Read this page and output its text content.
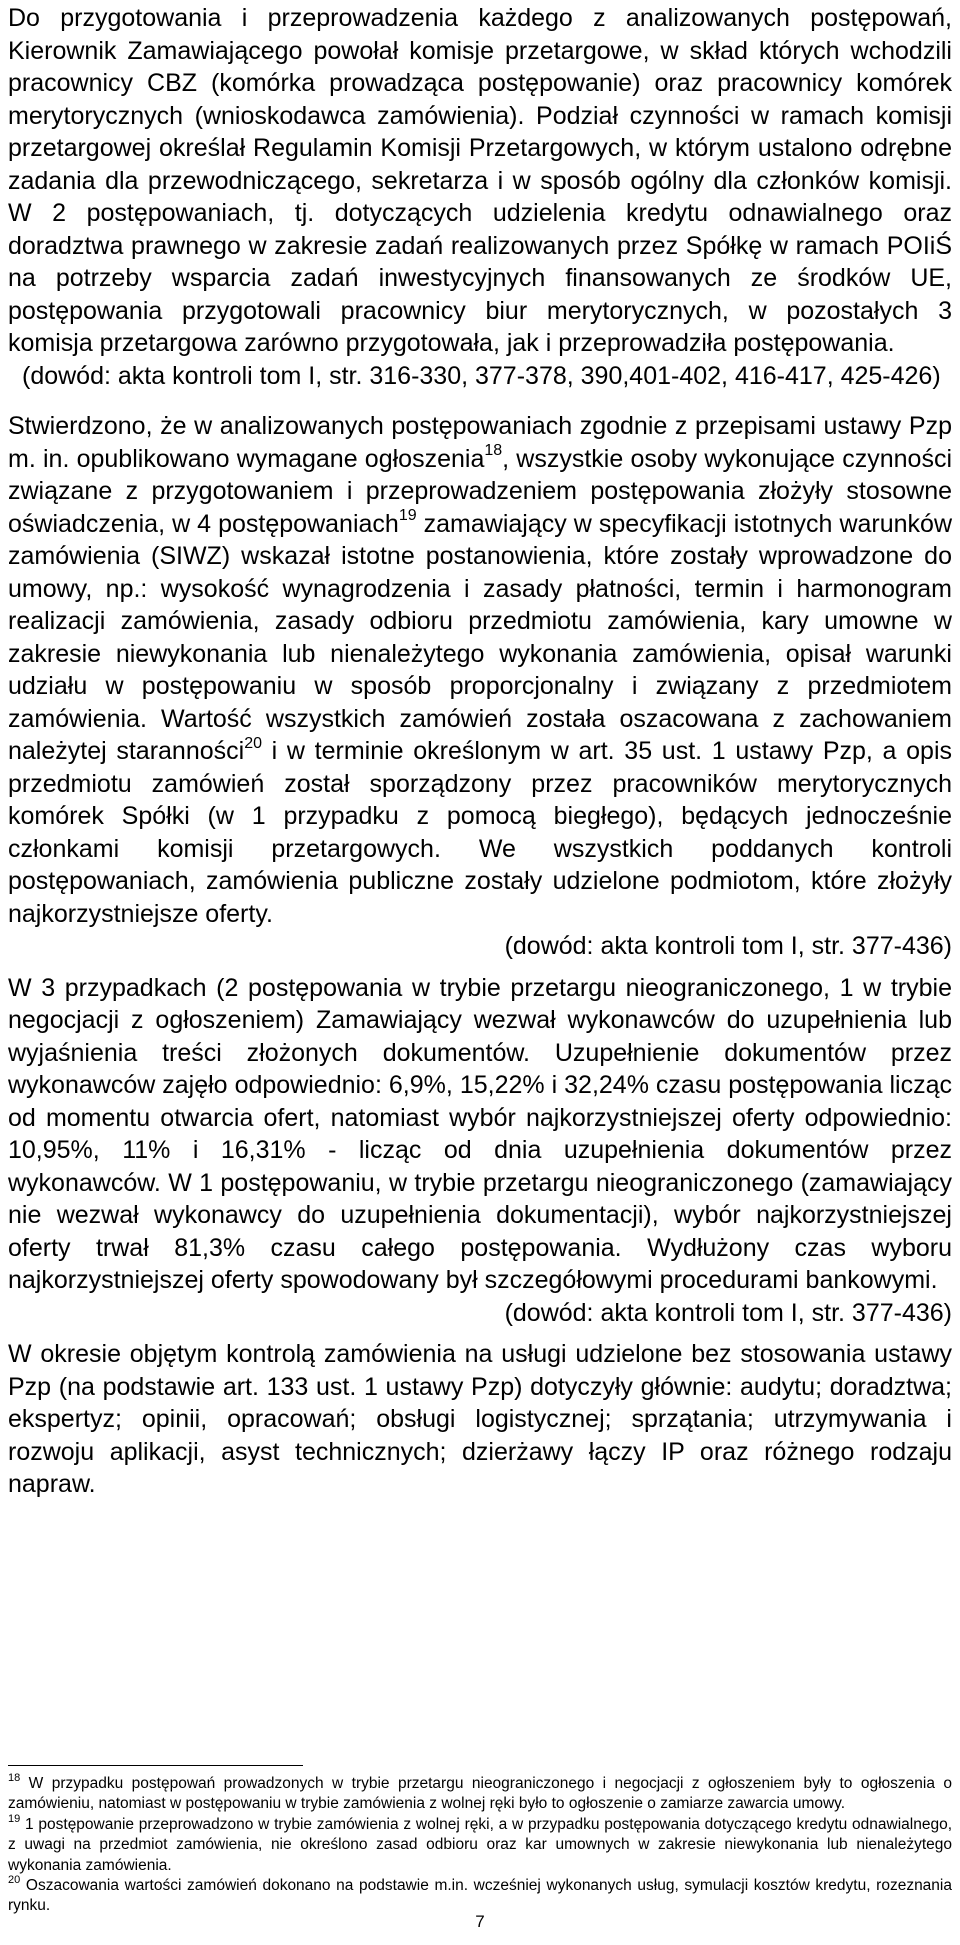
Do przygotowania i przeprowadzenia każdego z analizowanych postępowań, Kierownik Zamawiającego powołał komisje przetargowe, w skład których wchodzili pracownicy CBZ (komórka prowadząca postępowanie) oraz pracownicy komórek merytorycznych (wnioskodawca zamówienia). Podział czynności w ramach komisji przetargowej określał Regulamin Komisji Przetargowych, w którym ustalono odrębne zadania dla przewodniczącego, sekretarza i w sposób ogólny dla członków komisji. W 2 postępowaniach, tj. dotyczących udzielenia kredytu odnawialnego oraz doradztwa prawnego w zakresie zadań realizowanych przez Spółkę w ramach POIiŚ na potrzeby wsparcia zadań inwestycyjnych finansowanych ze środków UE, postępowania przygotowali pracownicy biur merytorycznych, w pozostałych 3 komisja przetargowa zarówno przygotowała, jak i przeprowadziła postępowania.

(dowód: akta kontroli tom I, str. 316-330, 377-378, 390,401-402, 416-417, 425-426)

Stwierdzono, że w analizowanych postępowaniach zgodnie z przepisami ustawy Pzp m. in. opublikowano wymagane ogłoszenia$^{18}$, wszystkie osoby wykonujące czynności związane z przygotowaniem i przeprowadzeniem postępowania złożyły stosowne oświadczenia, w 4 postępowaniach$^{19}$ zamawiający w specyfikacji istotnych warunków zamówienia (SIWZ) wskazał istotne postanowienia, które zostały wprowadzone do umowy, np.: wysokość wynagrodzenia i zasady płatności, termin i harmonogram realizacji zamówienia, zasady odbioru przedmiotu zamówienia, kary umowne w zakresie niewykonania lub nienależytego wykonania zamówienia, opisał warunki udziału w postępowaniu w sposób proporcjonalny i związany z przedmiotem zamówienia. Wartość wszystkich zamówień została oszacowana z zachowaniem należytej staranności$^{20}$ i w terminie określonym w art. 35 ust. 1 ustawy Pzp, a opis przedmiotu zamówień został sporządzony przez pracowników merytorycznych komórek Spółki (w 1 przypadku z pomocą biegłego), będących jednocześnie członkami komisji przetargowych. We wszystkich poddanych kontroli postępowaniach, zamówienia publiczne zostały udzielone podmiotom, które złożyły najkorzystniejsze oferty.

(dowód: akta kontroli tom I, str. 377-436)

W 3 przypadkach (2 postępowania w trybie przetargu nieograniczonego, 1 w trybie negocjacji z ogłoszeniem) Zamawiający wezwał wykonawców do uzupełnienia lub wyjaśnienia treści złożonych dokumentów. Uzupełnienie dokumentów przez wykonawców zajęło odpowiednio: 6,9%, 15,22% i 32,24% czasu postępowania licząc od momentu otwarcia ofert, natomiast wybór najkorzystniejszej oferty odpowiednio: 10,95%, 11% i 16,31% - licząc od dnia uzupełnienia dokumentów przez wykonawców. W 1 postępowaniu, w trybie przetargu nieograniczonego (zamawiający nie wezwał wykonawcy do uzupełnienia dokumentacji), wybór najkorzystniejszej oferty trwał 81,3% czasu całego postępowania. Wydłużony czas wyboru najkorzystniejszej oferty spowodowany był szczegółowymi procedurami bankowymi.

(dowód: akta kontroli tom I, str. 377-436)

W okresie objętym kontrolą zamówienia na usługi udzielone bez stosowania ustawy Pzp (na podstawie art. 133 ust. 1 ustawy Pzp) dotyczyły głównie: audytu; doradztwa; ekspertyz; opinii, opracowań; obsługi logistycznej; sprzątania; utrzymywania i rozwoju aplikacji, asyst technicznych; dzierżawy łączy IP oraz różnego rodzaju napraw.

$^{18}$ W przypadku postępowań prowadzonych w trybie przetargu nieograniczonego i negocjacji z ogłoszeniem były to ogłoszenia o zamówieniu, natomiast w postępowaniu w trybie zamówienia z wolnej ręki było to ogłoszenie o zamiarze zawarcia umowy.

$^{19}$ 1 postępowanie przeprowadzono w trybie zamówienia z wolnej ręki, a w przypadku postępowania dotyczącego kredytu odnawialnego, z uwagi na przedmiot zamówienia, nie określono zasad odbioru oraz kar umownych w zakresie niewykonania lub nienależytego wykonania zamówienia.

$^{20}$ Oszacowania wartości zamówień dokonano na podstawie m.in. wcześniej wykonanych usług, symulacji kosztów kredytu, rozeznania rynku.

7
